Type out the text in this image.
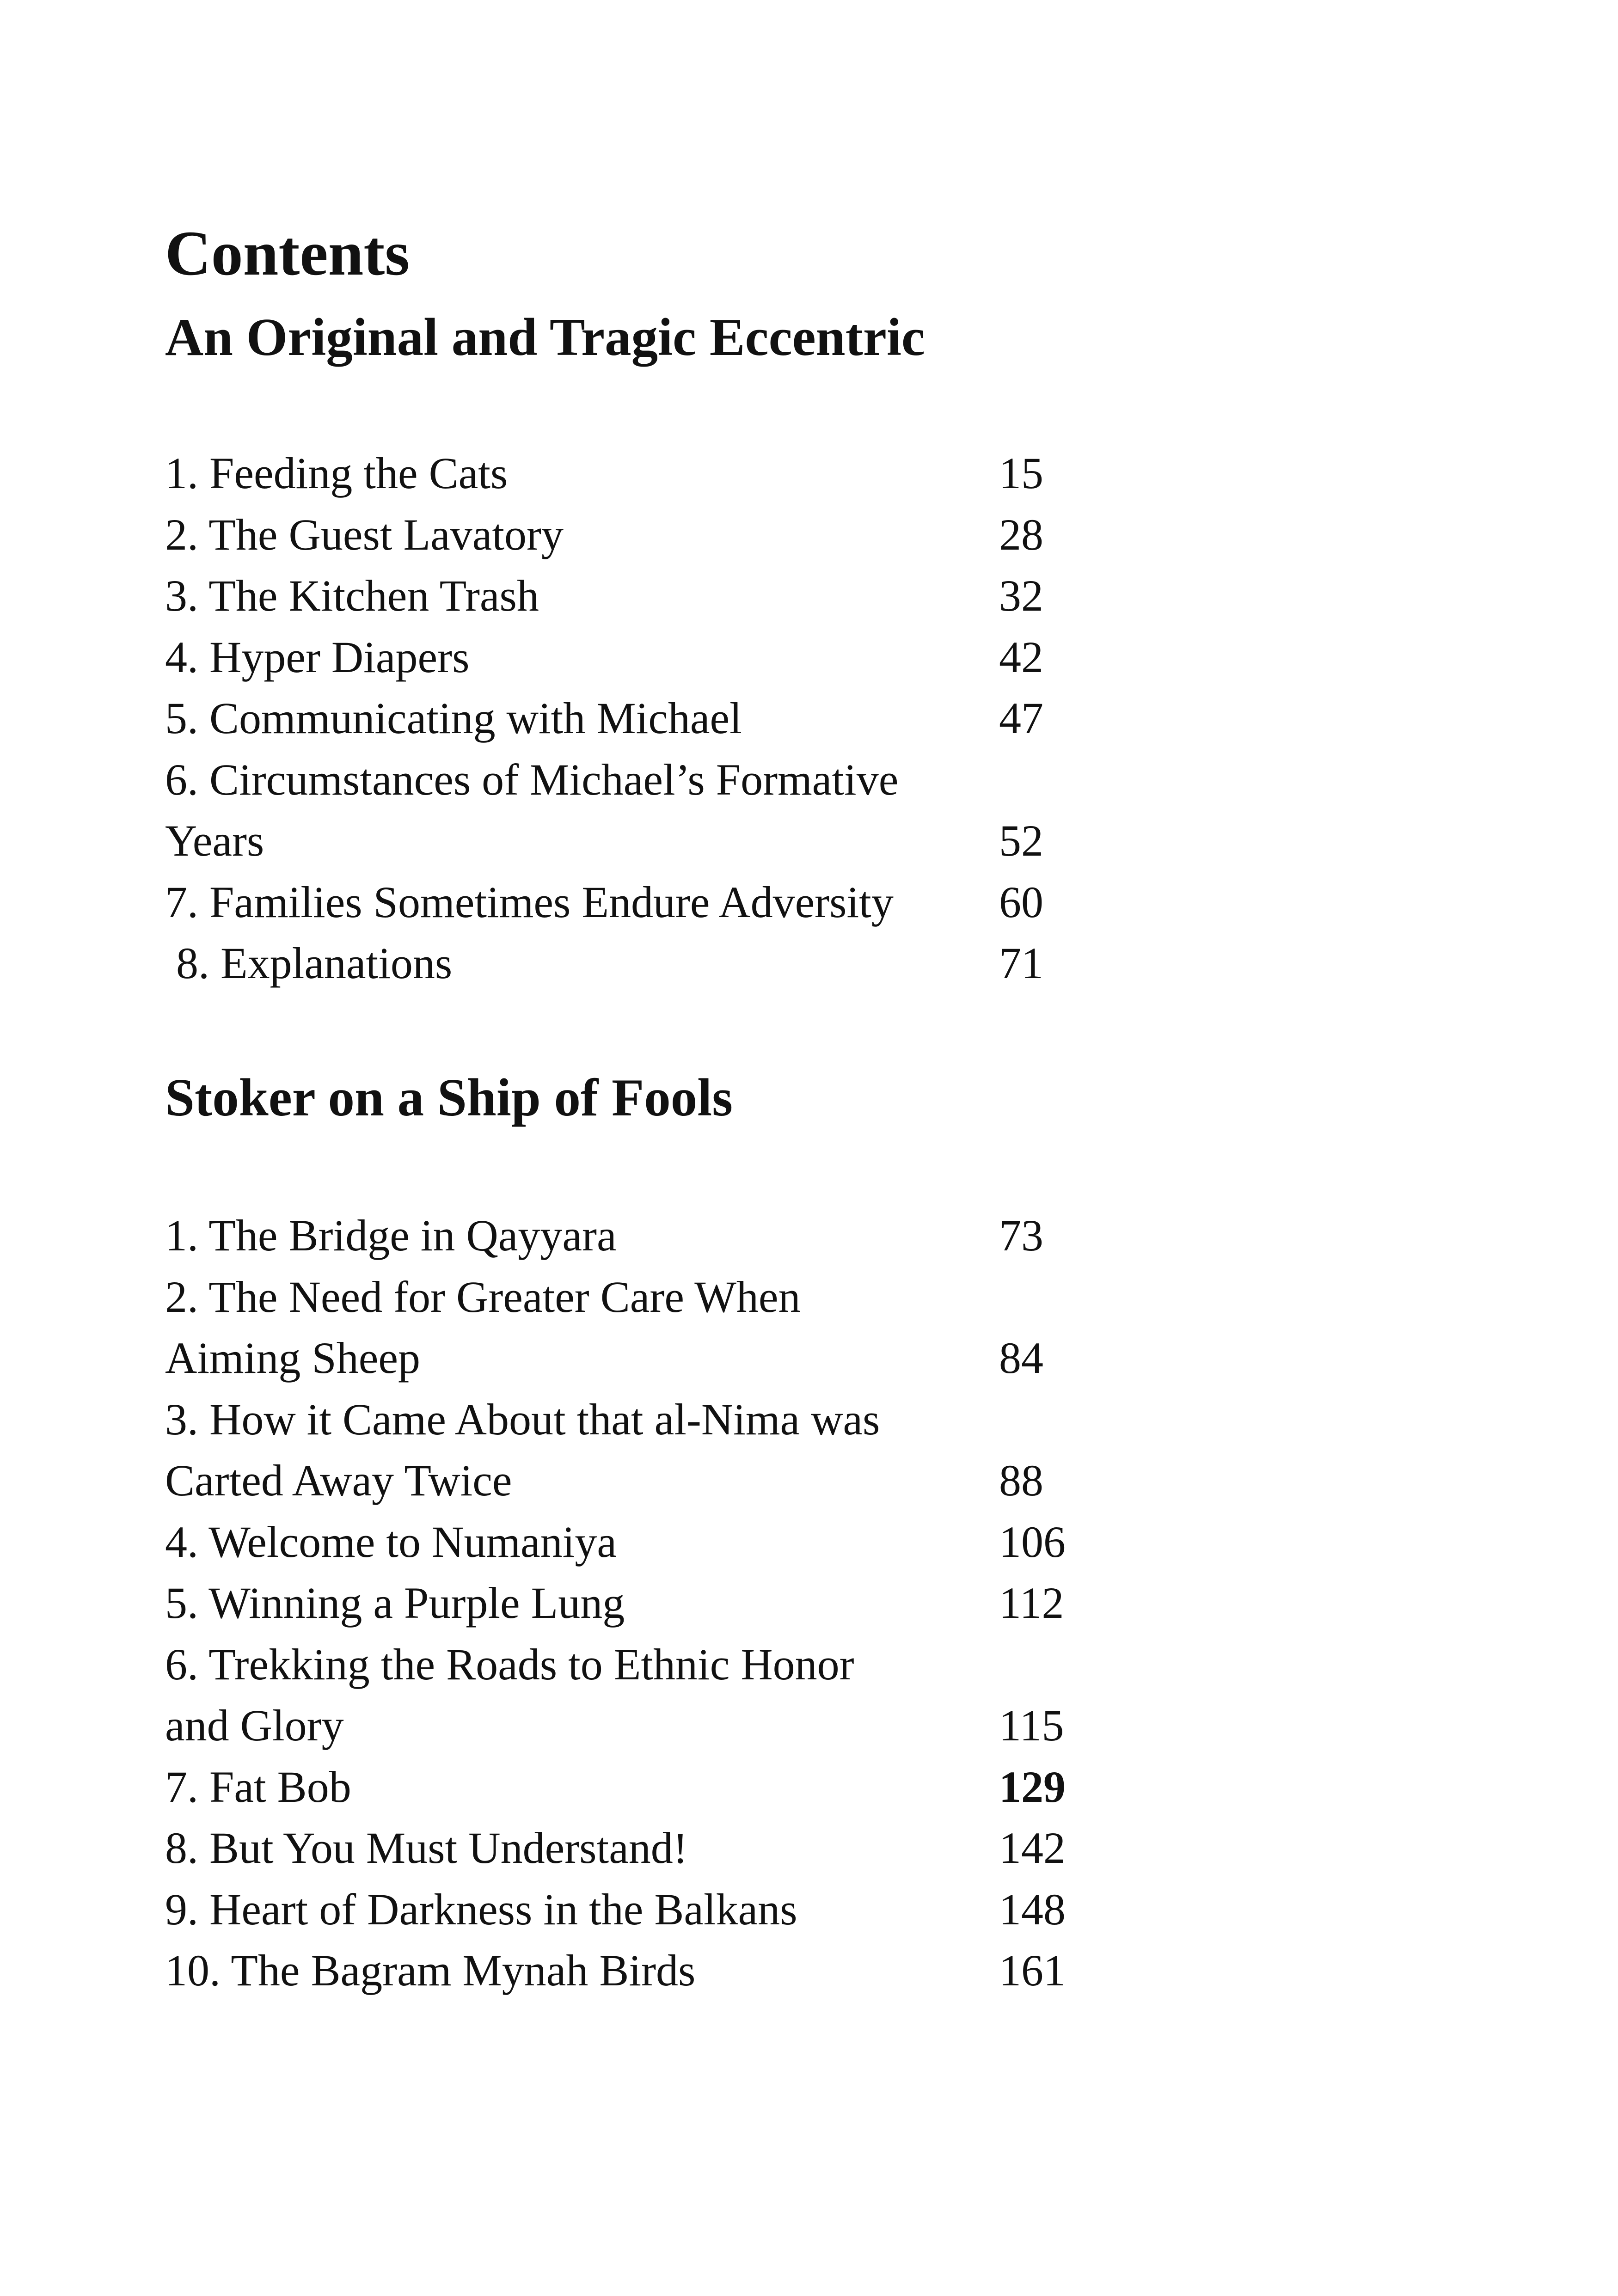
Contents
An Original and Tragic Eccentric
1. Feeding the Cats	15
2. The Guest Lavatory	28
3. The Kitchen Trash	32
4. Hyper Diapers	42
5. Communicating with Michael	47
6. Circumstances of Michael’s Formative
Years	52
7. Families Sometimes Endure Adversity	60
8. Explanations	71
Stoker on a Ship of Fools
1. The Bridge in Qayyara	73
2. The Need for Greater Care When
Aiming Sheep	84
3. How it Came About that al-Nima was
Carted Away Twice	88
4. Welcome to Numaniya	106
5. Winning a Purple Lung	112
6. Trekking the Roads to Ethnic Honor
and Glory	115
7. Fat Bob	129
8. But You Must Understand!	142
9. Heart of Darkness in the Balkans	148
10. The Bagram Mynah Birds	161
